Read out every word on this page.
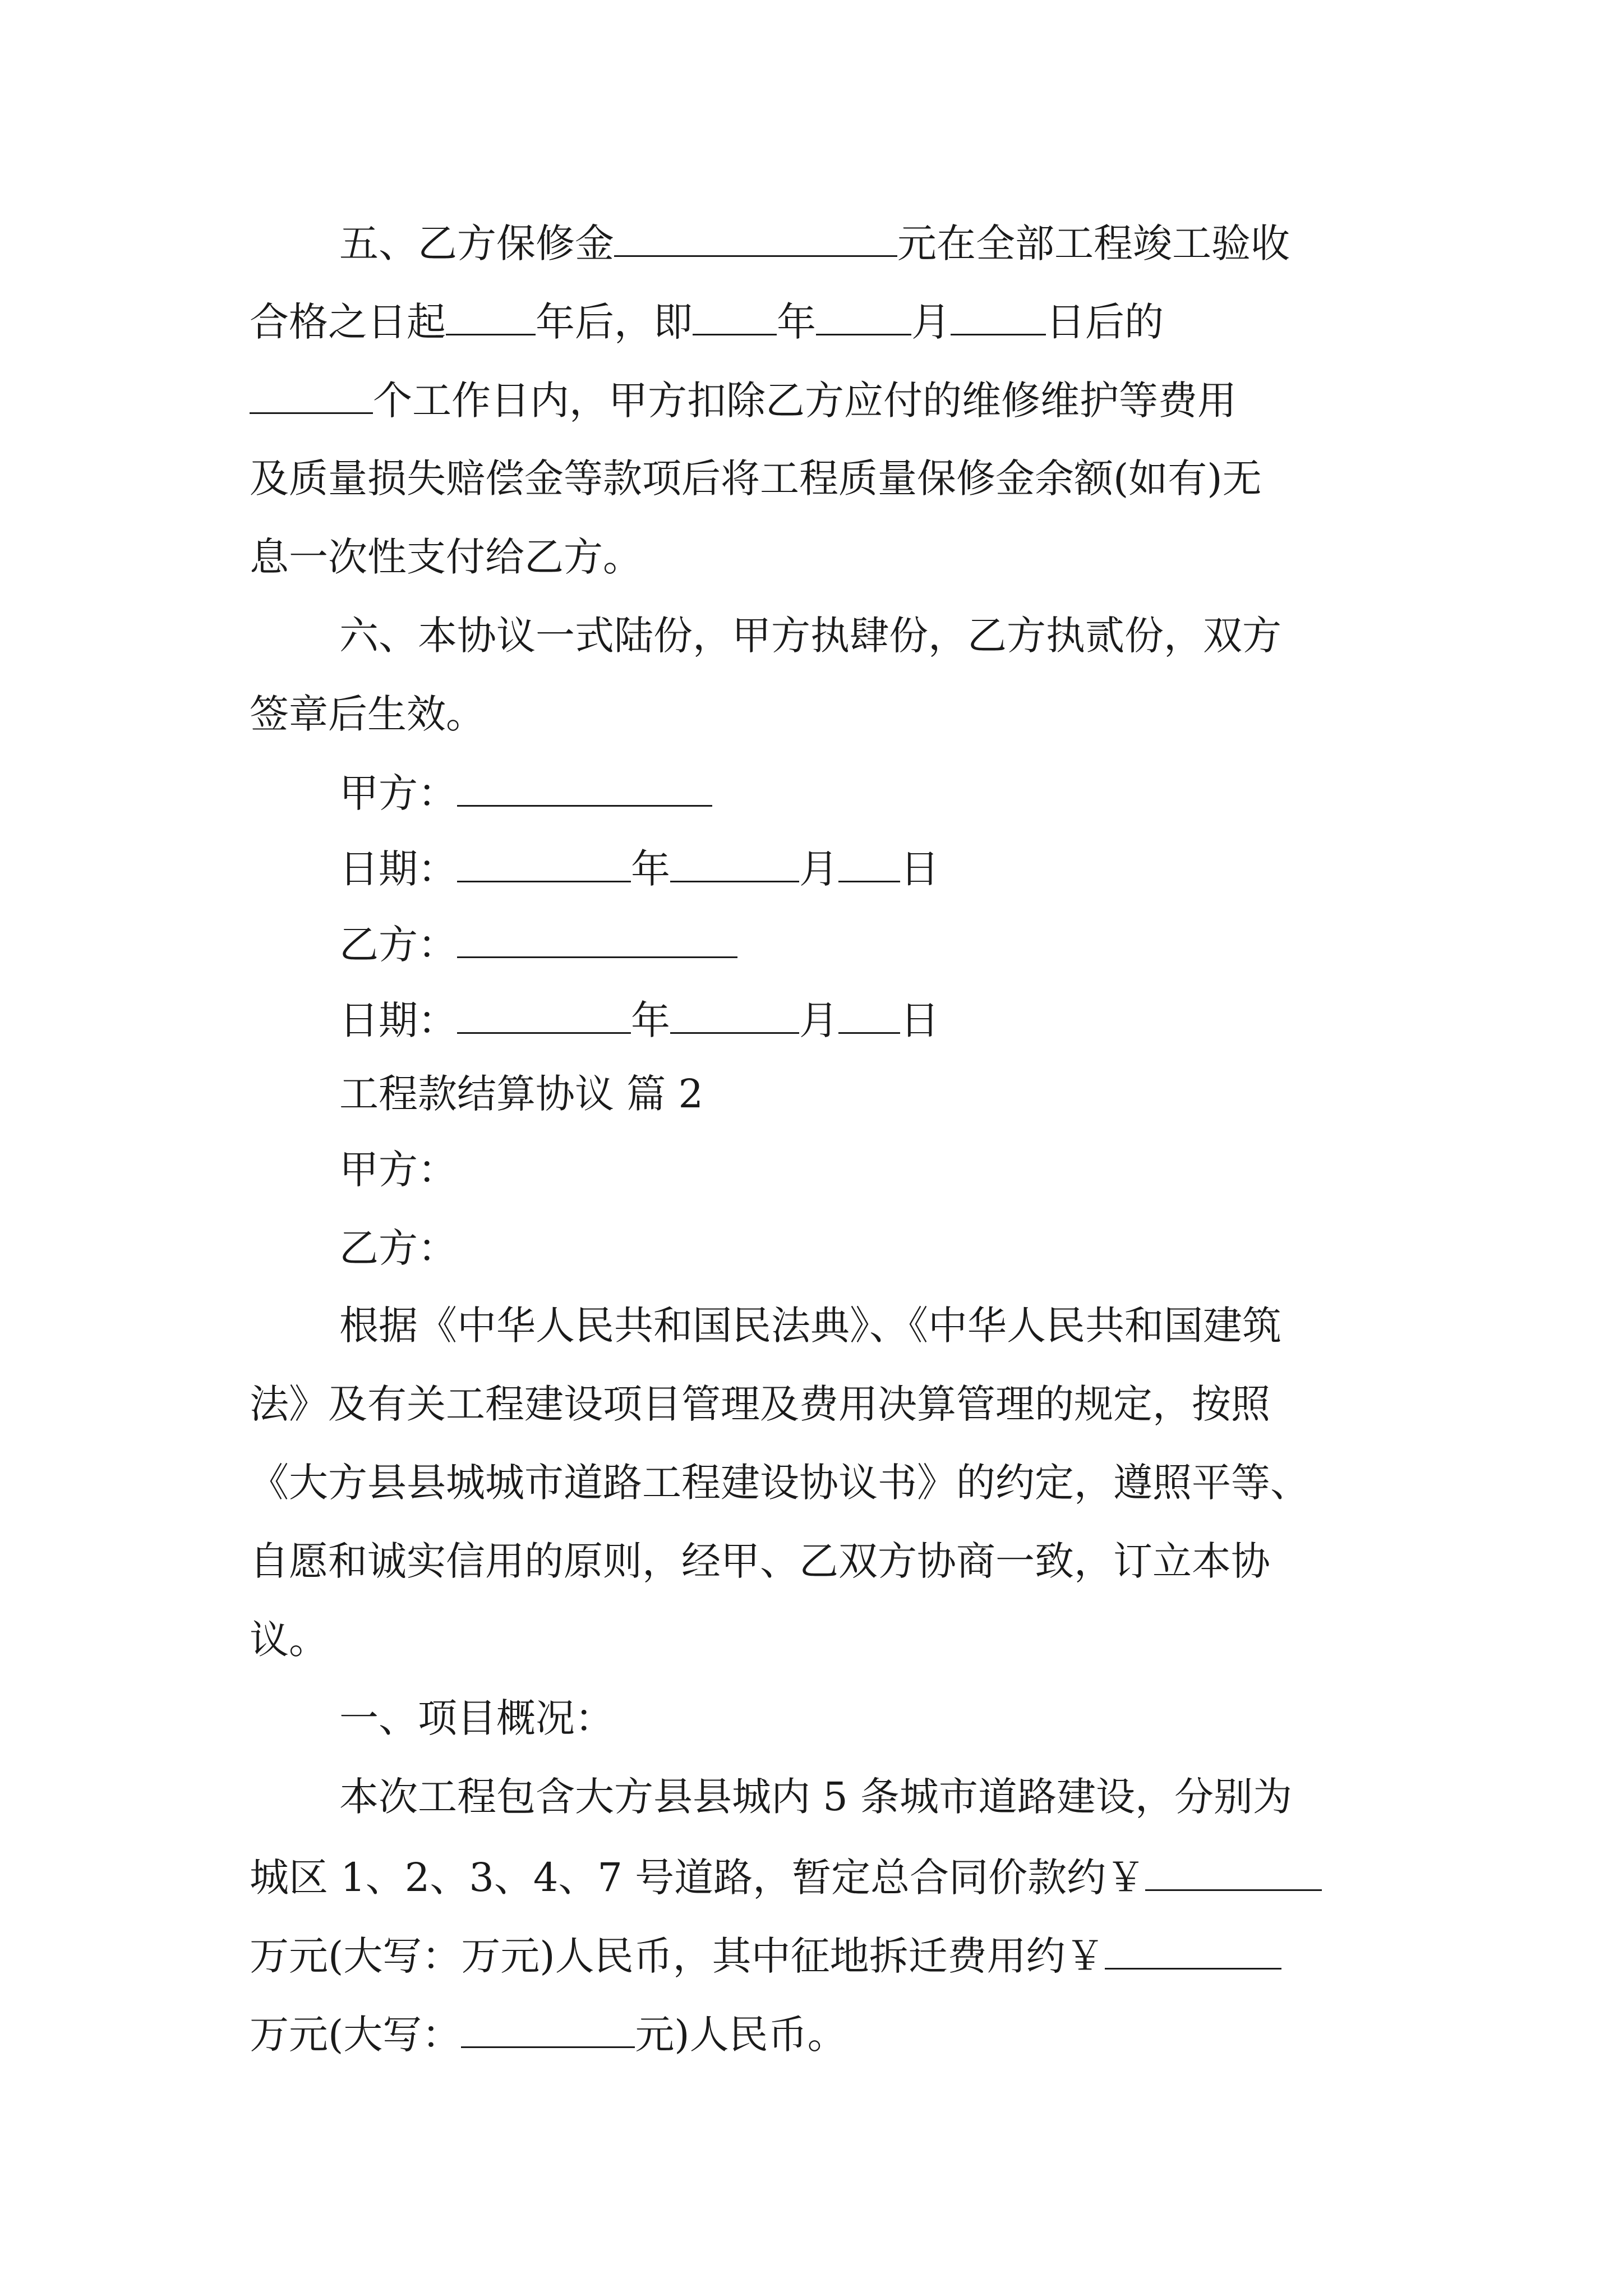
五、乙方保修金	元在全部工程竣工验收
合格之日起 年后，即 年 月 日后的
个工作日内，甲方扣除乙方应付的维修维护等费用
及质量损失赔偿金等款项后将工程质量保修金余额(如有)无
息一次性支付给乙方。
六、本协议一式陆份，甲方执肆份，乙方执贰份，双方
签章后生效。
甲方：
日期：	年	月 日
乙方：
日期：	年	月 日
工程款结算协议 篇 2
甲方：
乙方：
根据《中华人民共和国民法典》、《中华人民共和国建筑
法》及有关工程建设项目管理及费用决算管理的规定，按照
《大方县县城城市道路工程建设协议书》的约定，遵照平等、
自愿和诚实信用的原则，经甲、乙双方协商一致，订立本协
议。
一、项目概况：
本次工程包含大方县县城内 5 条城市道路建设，分别为
城区 1、2、3、4、7 号道路，暂定总合同价款约￥
万元(大写：万元)人民币，其中征地拆迁费用约￥
万元(大写：	元)人民币。
